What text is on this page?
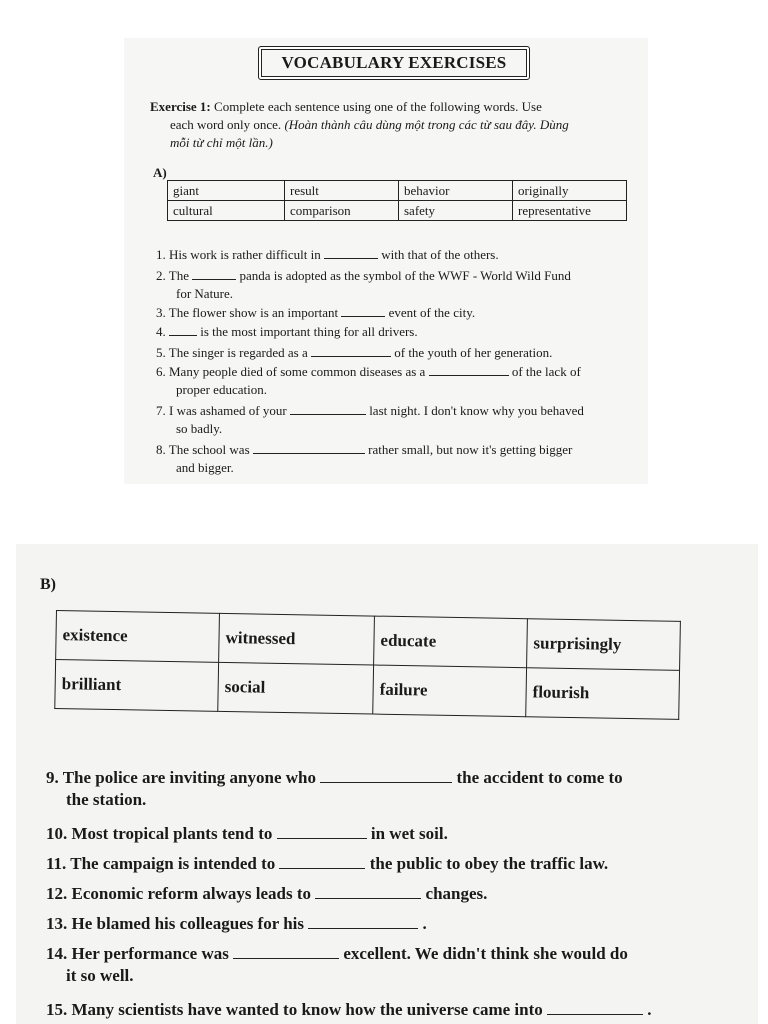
VOCABULARY EXERCISES
Exercise 1: Complete each sentence using one of the following words. Use
each word only once. (Hoàn thành câu dùng một trong các từ sau đây. Dùng
mỗi từ chỉ một lần.)
A)
giant	result	behavior	originally
cultural	comparison	safety	representative
1. His work is rather difficult in	with that of the others.
2. The	panda is adopted as the symbol of the WWF - World Wild Fund
for Nature.
3. The flower show is an important	event of the city.
4.	is the most important thing for all drivers.
5. The singer is regarded as a	of the youth of her generation.
6. Many people died of some common diseases as a	of the lack of
proper education.
7. I was ashamed of your	last night. I don't know why you behaved
so badly.
8. The school was	rather small, but now it's getting bigger
and bigger.
B)
existence	witnessed	educate	surprisingly
brilliant	social	failure	flourish
9. The police are inviting anyone who	the accident to come to
the station.
10. Most tropical plants tend to	in wet soil.
11. The campaign is intended to	the public to obey the traffic law.
12. Economic reform always leads to	changes.
13. He blamed his colleagues for his	.
14. Her performance was	excellent. We didn't think she would do
it so well.
15. Many scientists have wanted to know how the universe came into	.
